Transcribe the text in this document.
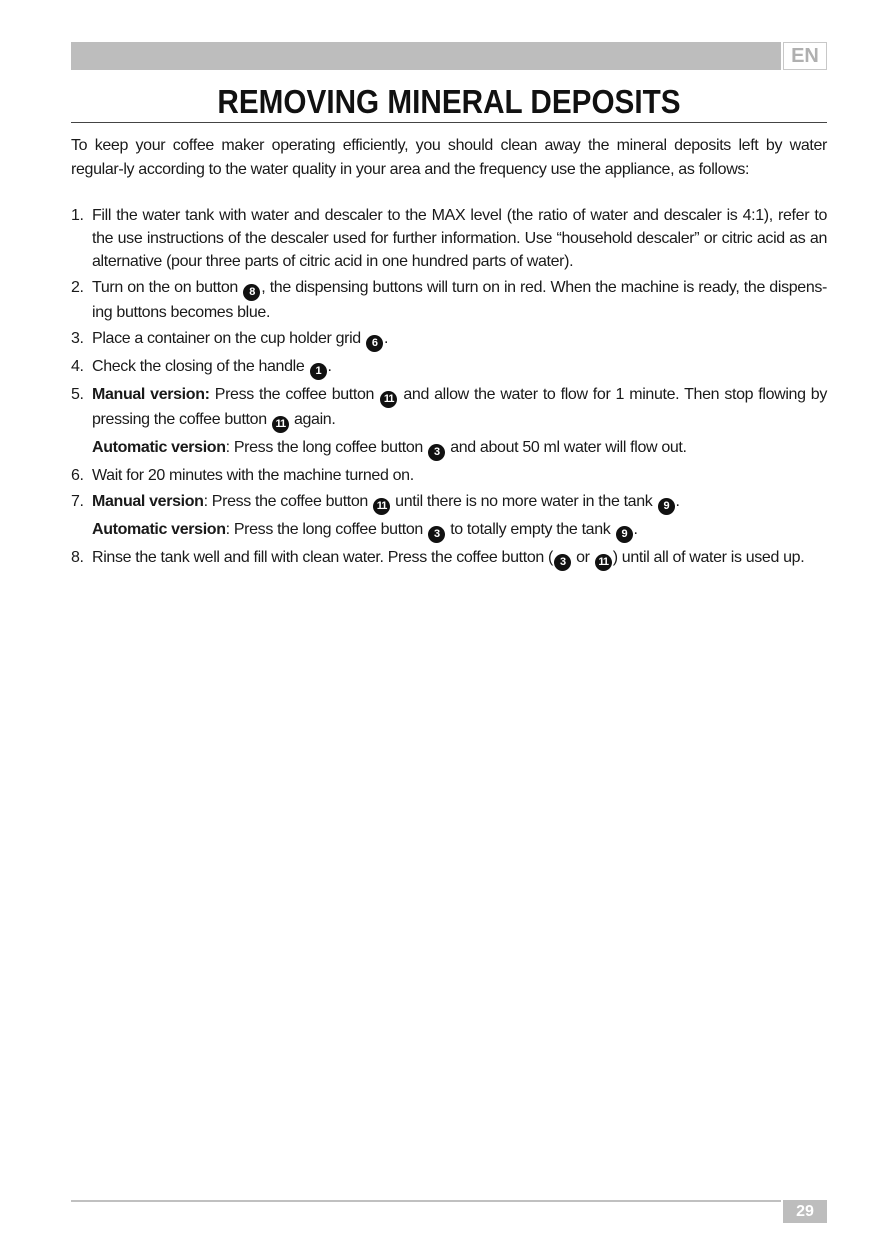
EN
REMOVING MINERAL DEPOSITS

To keep your coffee maker operating efficiently, you should clean away the mineral deposits left by water regular-ly according to the water quality in your area and the frequency use the appliance, as follows:

1. Fill the water tank with water and descaler to the MAX level (the ratio of water and descaler is 4:1), refer to the use instructions of the descaler used for further information. Use “household descaler” or citric acid as an alternative (pour three parts of citric acid in one hundred parts of water).
2. Turn on the on button 8 , the dispensing buttons will turn on in red. When the machine is ready, the dispens-ing buttons becomes blue.
3. Place a container on the cup holder grid 6 .
4. Check the closing of the handle 1 .
5. Manual version: Press the coffee button 11 and allow the water to flow for 1 minute. Then stop flowing by pressing the coffee button 11 again.
Automatic version: Press the long coffee button 3 and about 50 ml water will flow out.
6. Wait for 20 minutes with the machine turned on.
7. Manual version: Press the coffee button 11 until there is no more water in the tank 9 .
Automatic version: Press the long coffee button 3 to totally empty the tank 9 .
8. Rinse the tank well and fill with clean water. Press the coffee button ( 3 or 11 ) until all of water is used up.
29
